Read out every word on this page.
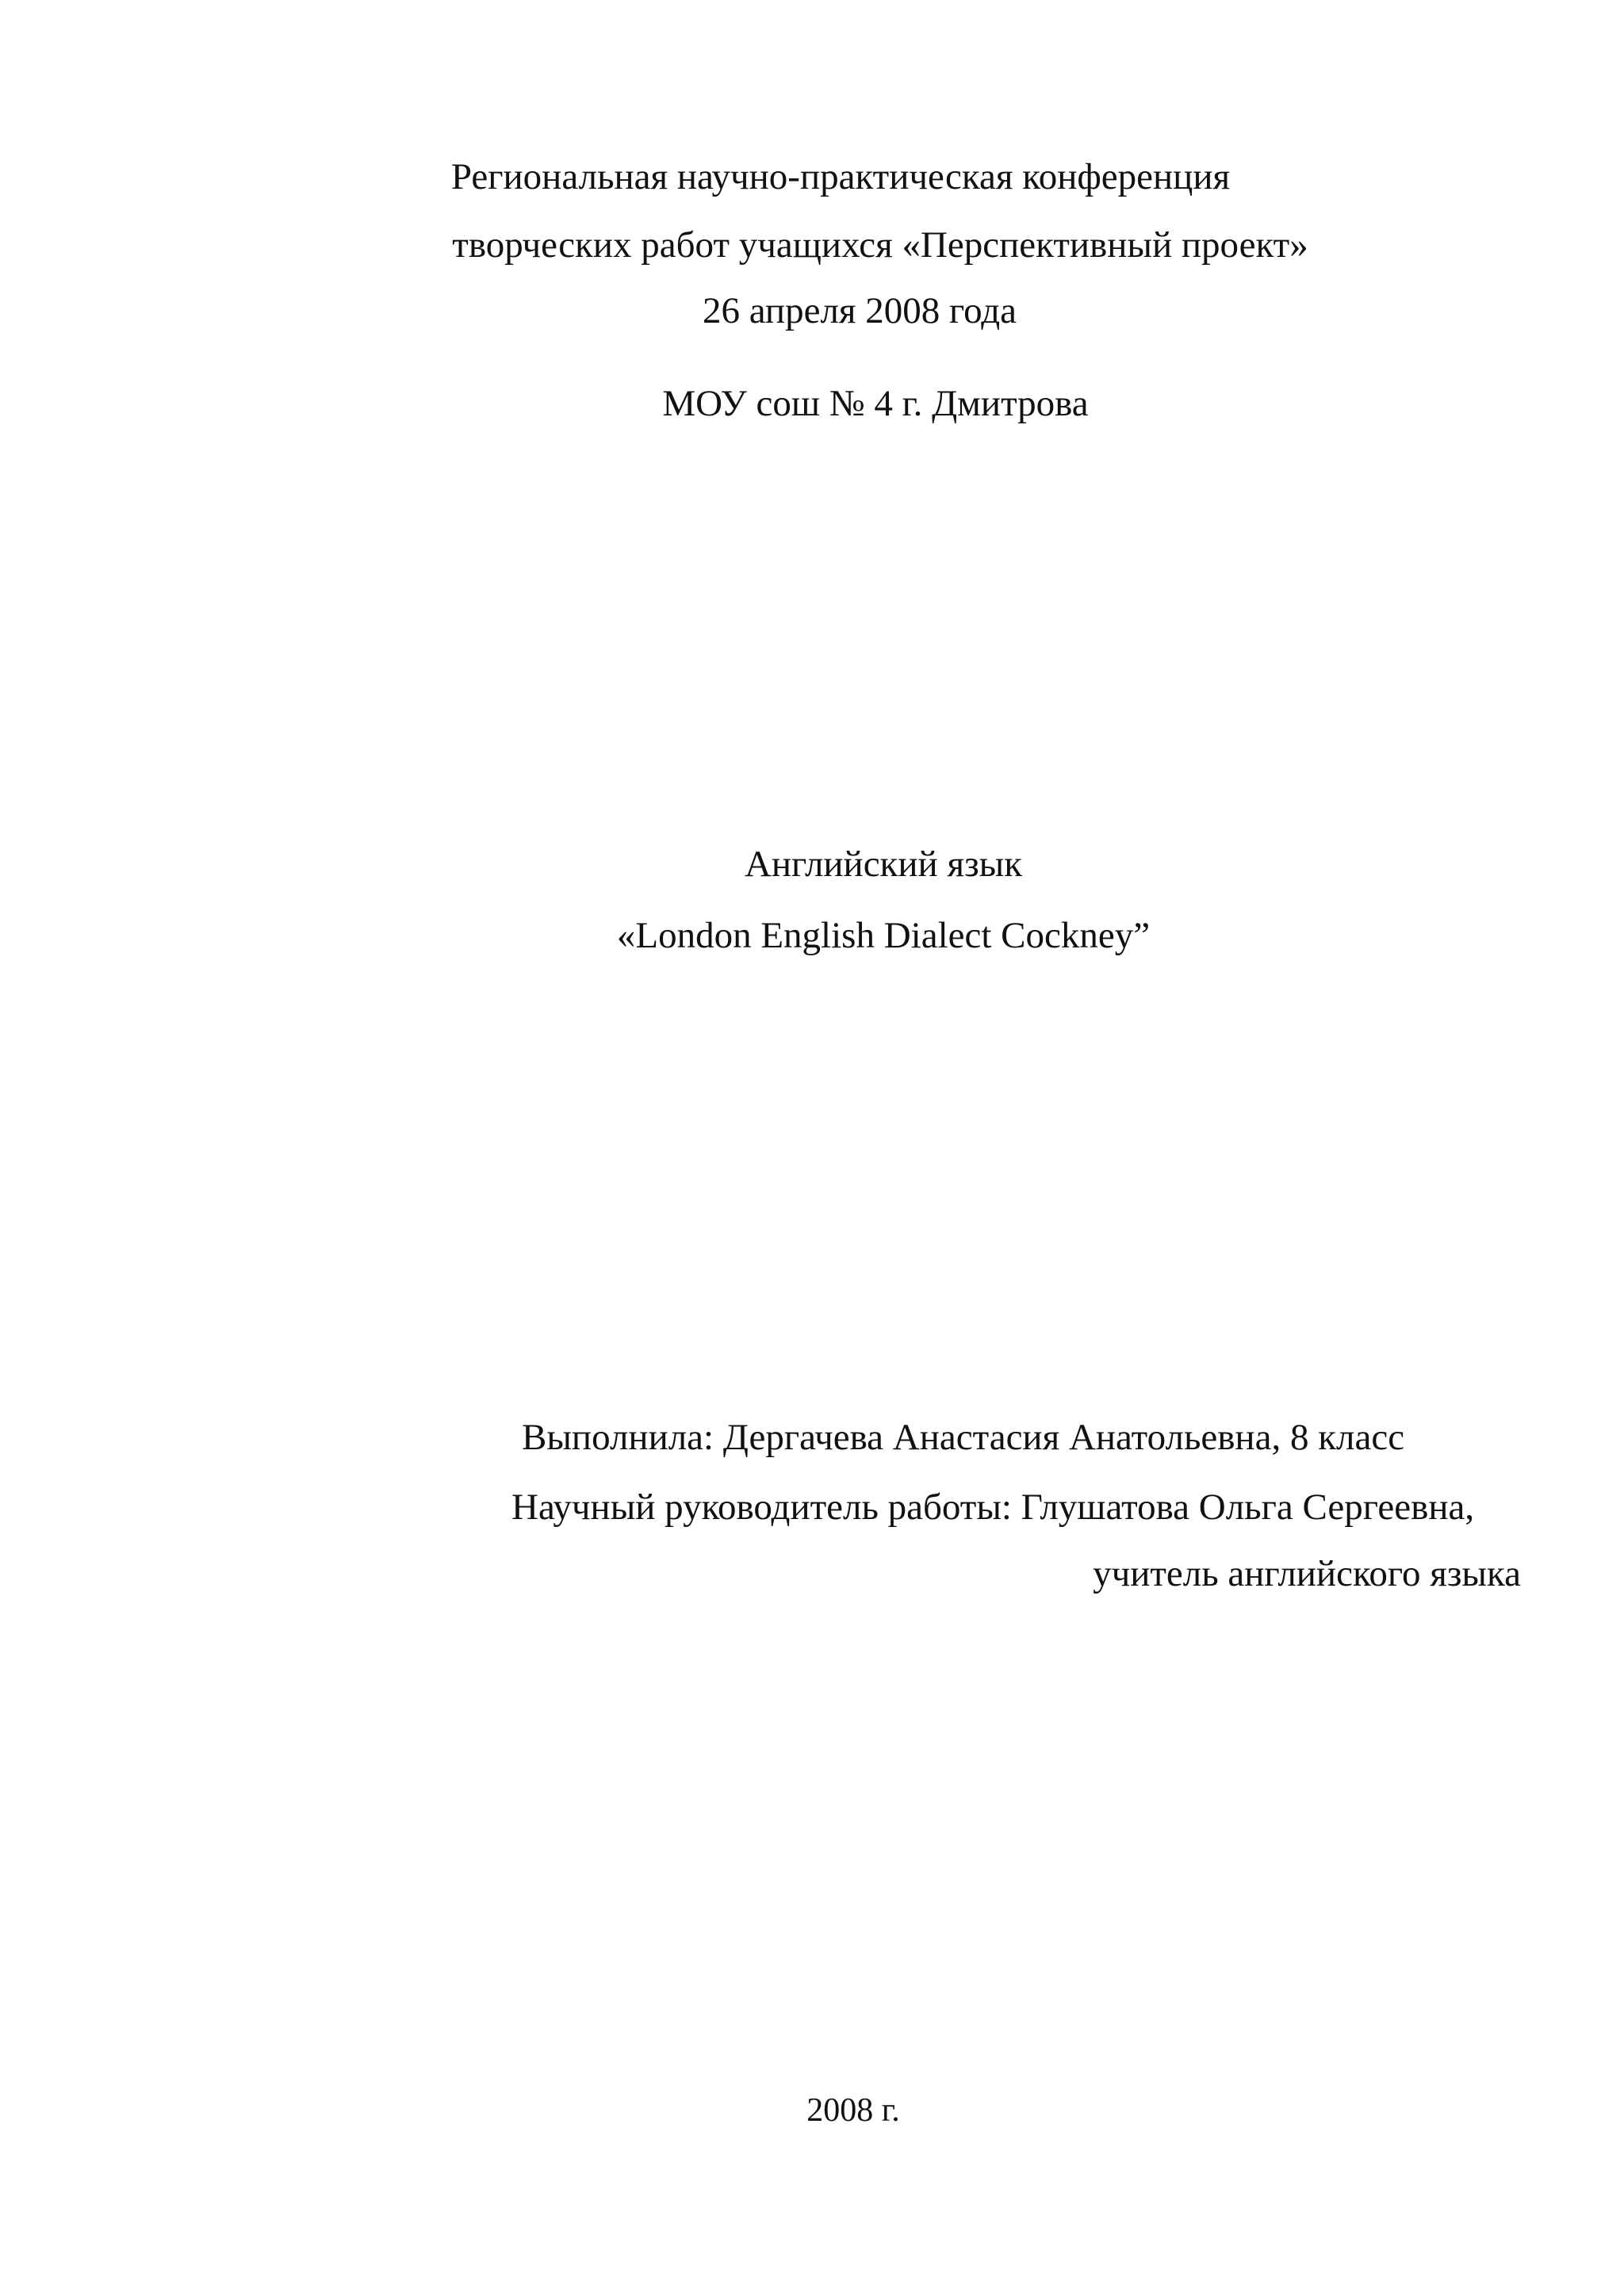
Региональная научно-практическая конференция
творческих работ учащихся «Перспективный проект»
26 апреля 2008 года
МОУ сош № 4 г. Дмитрова
Английский язык
«London English Dialect Cockney”
Выполнила: Дергачева Анастасия Анатольевна, 8 класс
Научный руководитель работы: Глушатова Ольга Сергеевна,
учитель английского языка
2008 г.
